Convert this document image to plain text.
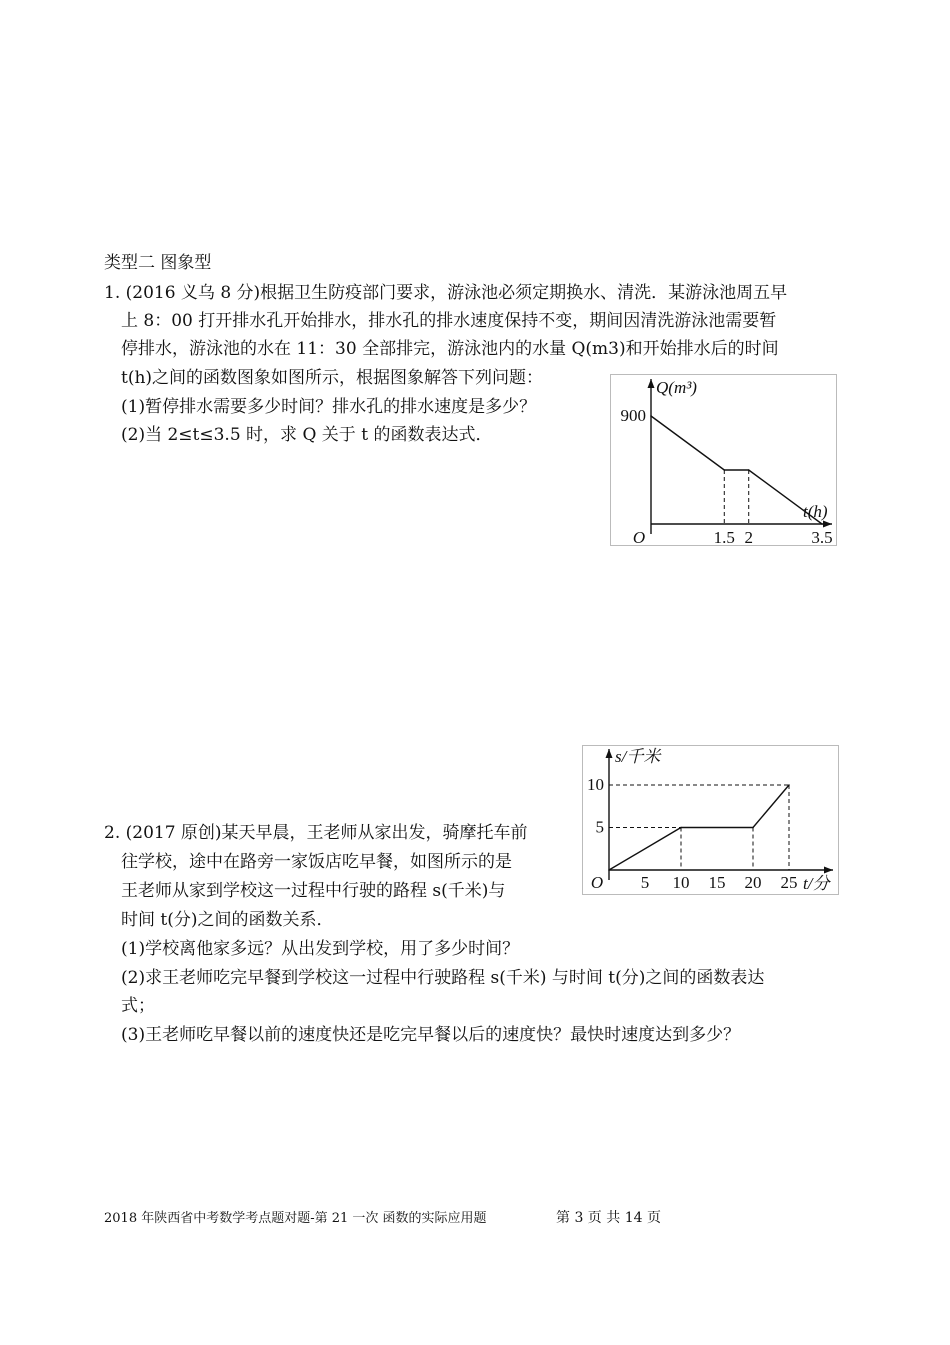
类型二 图象型
1. (2016 义乌 8 分)根据卫生防疫部门要求，游泳池必须定期换水、清洗．某游泳池周五早
上 8：00 打开排水孔开始排水，排水孔的排水速度保持不变，期间因清洗游泳池需要暂
停排水，游泳池的水在 11：30 全部排完，游泳池内的水量 Q(m3)和开始排水后的时间
t(h)之间的函数图象如图所示，根据图象解答下列问题：
(1)暂停排水需要多少时间？排水孔的排水速度是多少？
(2)当 2≤t≤3.5 时，求 Q 关于 t 的函数表达式．
1.5 2	3.5
900
O
Q(m³)
t(h)
5 10 15 20 25
5
10
O
s/千米
t/分
2. (2017 原创)某天早晨，王老师从家出发，骑摩托车前
往学校，途中在路旁一家饭店吃早餐，如图所示的是
王老师从家到学校这一过程中行驶的路程 s(千米)与
时间 t(分)之间的函数关系．
(1)学校离他家多远？从出发到学校，用了多少时间？
(2)求王老师吃完早餐到学校这一过程中行驶路程 s(千米) 与时间 t(分)之间的函数表达
式；
(3)王老师吃早餐以前的速度快还是吃完早餐以后的速度快？最快时速度达到多少？
2018 年陕西省中考数学考点题对题-第 21 一次 函数的实际应用题	第 3 页 共 14 页
